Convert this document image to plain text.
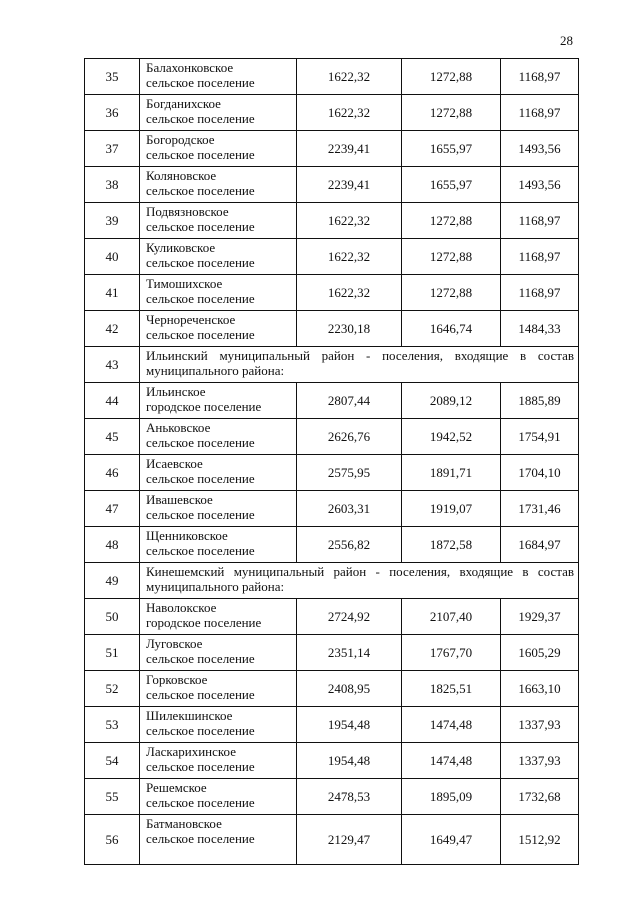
28
35	Балахонковское
сельское поселение	1622,32	1272,88	1168,97
36	Богданихское
сельское поселение	1622,32	1272,88	1168,97
37	Богородское
сельское поселение	2239,41	1655,97	1493,56
38	Коляновское
сельское поселение	2239,41	1655,97	1493,56
39	Подвязновское
сельское поселение	1622,32	1272,88	1168,97
40	Куликовское
сельское поселение	1622,32	1272,88	1168,97
41	Тимошихское
сельское поселение	1622,32	1272,88	1168,97
42	Чернореченское
сельское поселение	2230,18	1646,74	1484,33
43	Ильинский муниципальный район - поселения, входящие в состав муниципального района:			
44	Ильинское
городское поселение	2807,44	2089,12	1885,89
45	Аньковское
сельское поселение	2626,76	1942,52	1754,91
46	Исаевское
сельское поселение	2575,95	1891,71	1704,10
47	Ивашевское
сельское поселение	2603,31	1919,07	1731,46
48	Щенниковское
сельское поселение	2556,82	1872,58	1684,97
49	Кинешемский муниципальный район - поселения, входящие в состав муниципального района:			
50	Наволокское
городское поселение	2724,92	2107,40	1929,37
51	Луговское
сельское поселение	2351,14	1767,70	1605,29
52	Горковское
сельское поселение	2408,95	1825,51	1663,10
53	Шилекшинское
сельское поселение	1954,48	1474,48	1337,93
54	Ласкарихинское
сельское поселение	1954,48	1474,48	1337,93
55	Решемское
сельское поселение	2478,53	1895,09	1732,68
56	Батмановское
сельское поселение	2129,47	1649,47	1512,92
